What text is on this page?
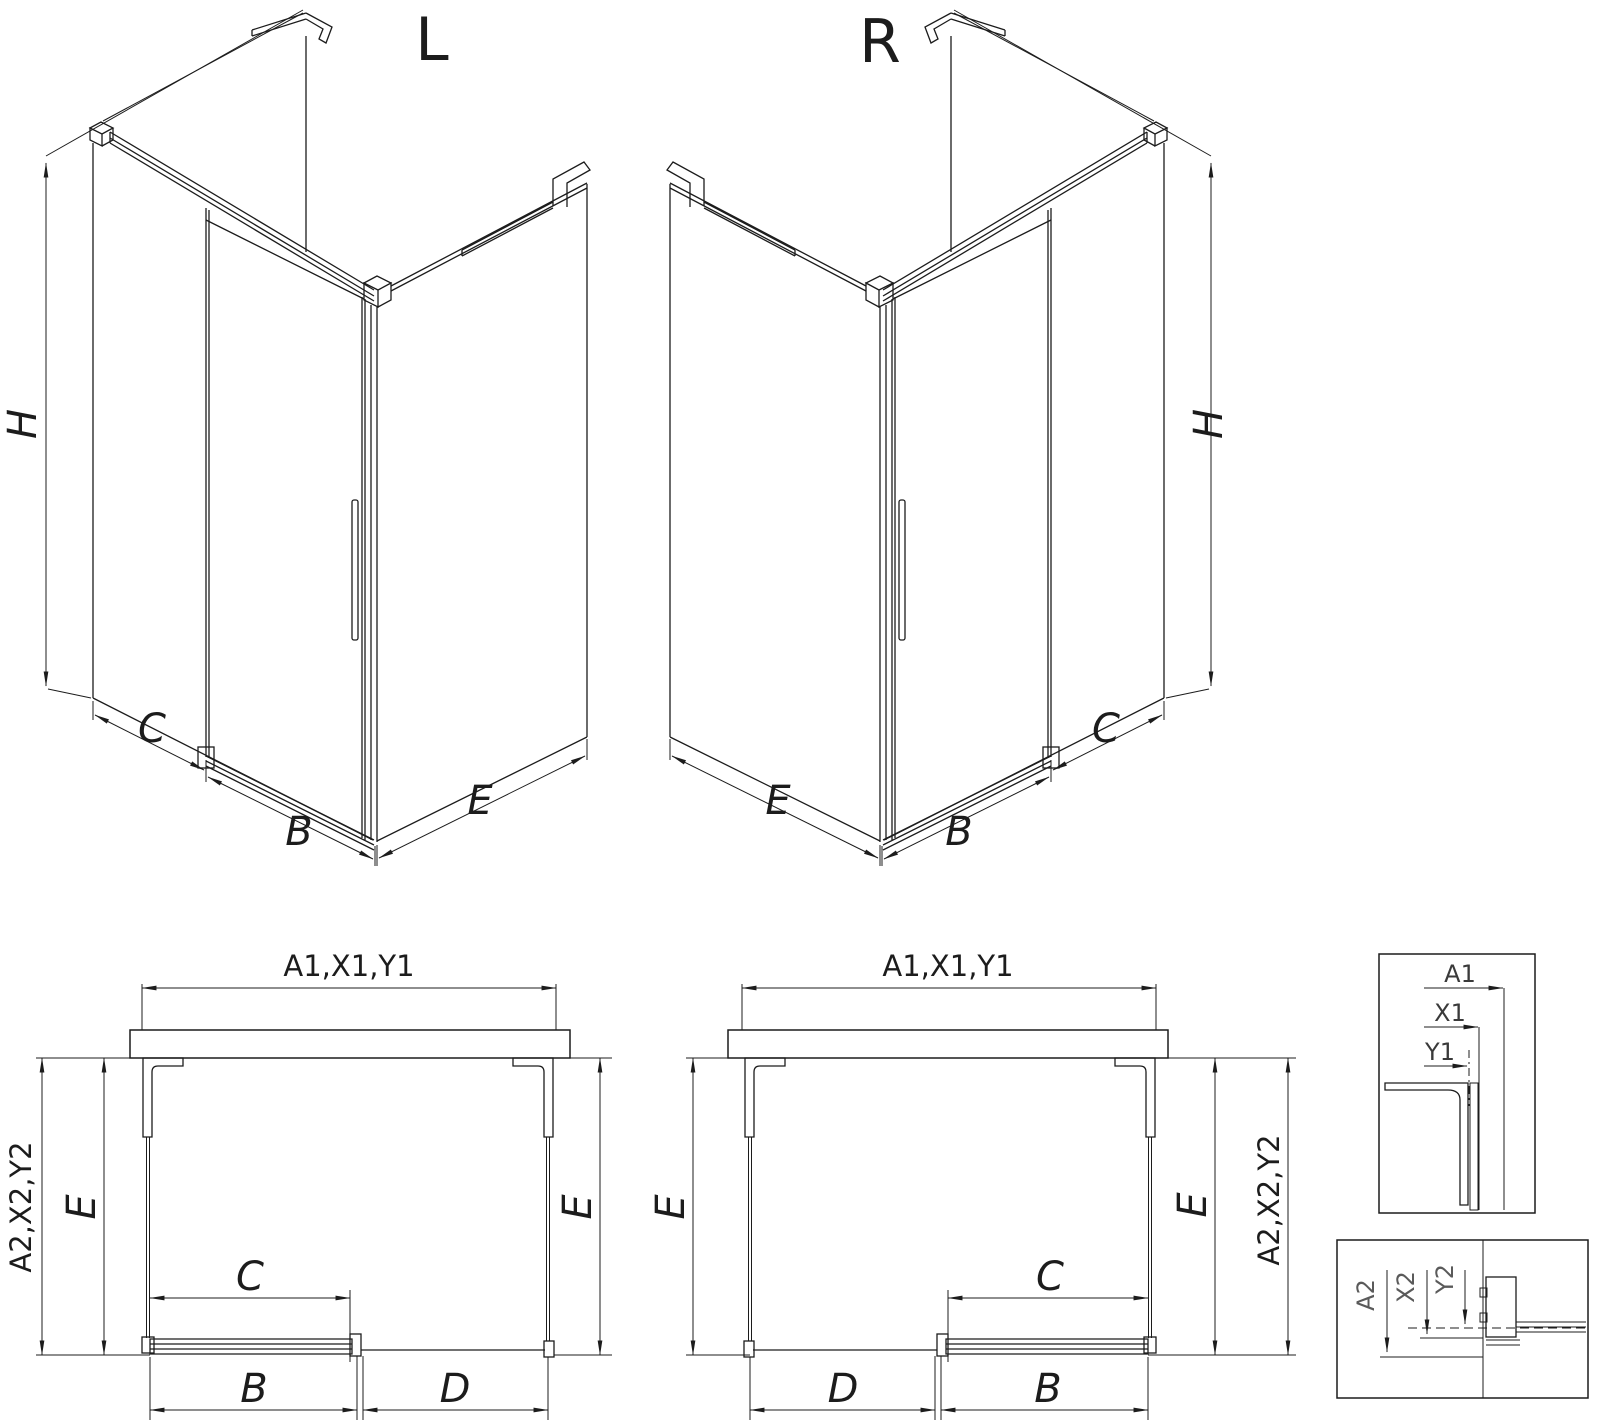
L
H
C
B
E
R
H
C
B
E
A1,X1,Y1
A2,X2,Y2 E	E
C
B	D
A1,X1,Y1
A2,X2,Y2
E	E
C
B
D
A1
X1
Y1
A2 X2 Y2
